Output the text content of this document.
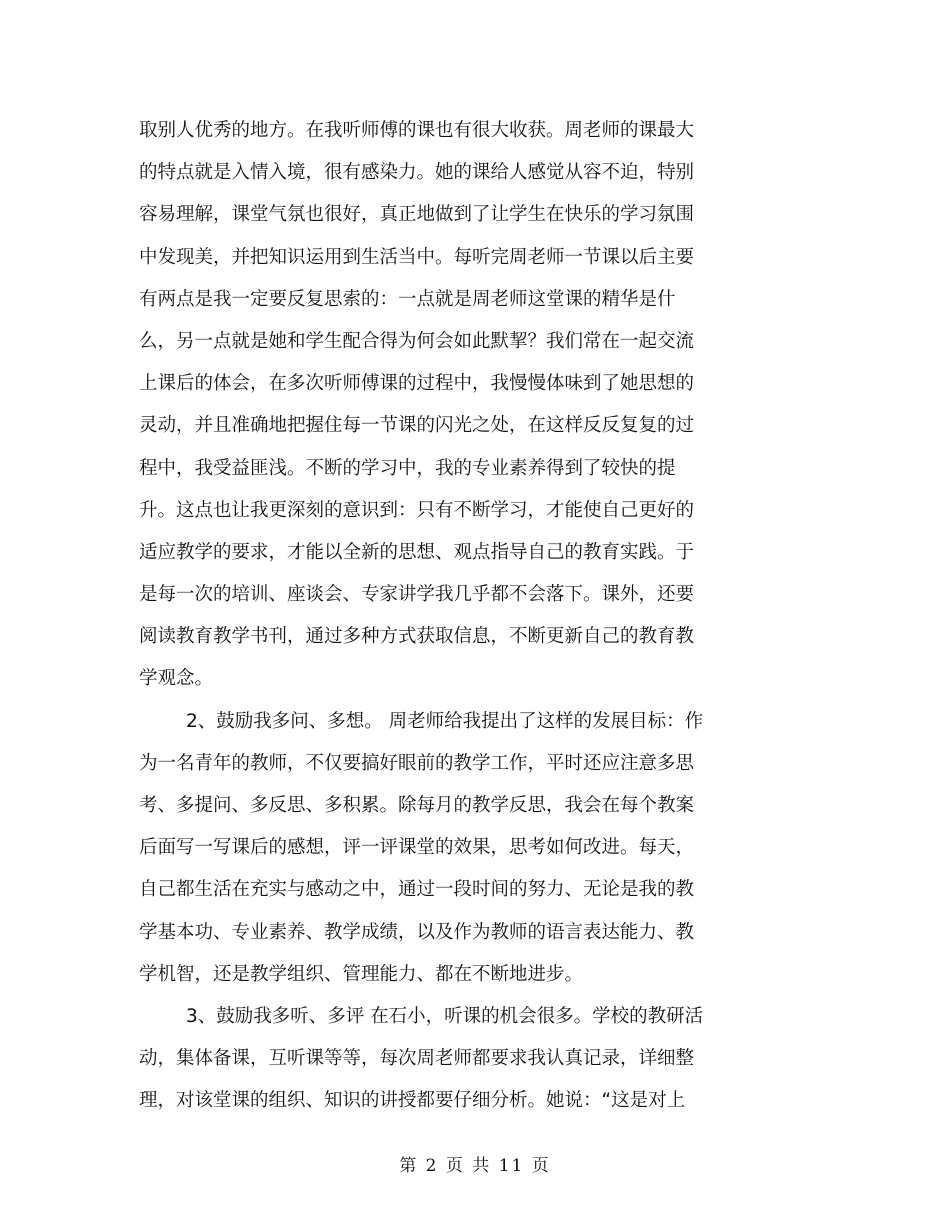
取别人优秀的地方。在我听师傅的课也有很大收获。周老师的课最大
的特点就是入情入境，很有感染力。她的课给人感觉从容不迫，特别
容易理解，课堂气氛也很好，真正地做到了让学生在快乐的学习氛围
中发现美，并把知识运用到生活当中。每听完周老师一节课以后主要
有两点是我一定要反复思索的：一点就是周老师这堂课的精华是什
么，另一点就是她和学生配合得为何会如此默挈？我们常在一起交流
上课后的体会，在多次听师傅课的过程中，我慢慢体味到了她思想的
灵动，并且准确地把握住每一节课的闪光之处，在这样反反复复的过
程中，我受益匪浅。不断的学习中，我的专业素养得到了较快的提
升。这点也让我更深刻的意识到：只有不断学习，才能使自己更好的
适应教学的要求，才能以全新的思想、观点指导自己的教育实践。于
是每一次的培训、座谈会、专家讲学我几乎都不会落下。课外，还要
阅读教育教学书刊，通过多种方式获取信息，不断更新自己的教育教
学观念。
2、鼓励我多问、多想。 周老师给我提出了这样的发展目标：作
为一名青年的教师，不仅要搞好眼前的教学工作，平时还应注意多思
考、多提问、多反思、多积累。除每月的教学反思，我会在每个教案
后面写一写课后的感想，评一评课堂的效果，思考如何改进。每天，
自己都生活在充实与感动之中，通过一段时间的努力、无论是我的教
学基本功、专业素养、教学成绩，以及作为教师的语言表达能力、教
学机智，还是教学组织、管理能力、都在不断地进步。
3、鼓励我多听、多评 在石小，听课的机会很多。学校的教研活
动，集体备课，互听课等等，每次周老师都要求我认真记录，详细整
理，对该堂课的组织、知识的讲授都要仔细分析。她说：“这是对上
第 2 页 共 11 页
